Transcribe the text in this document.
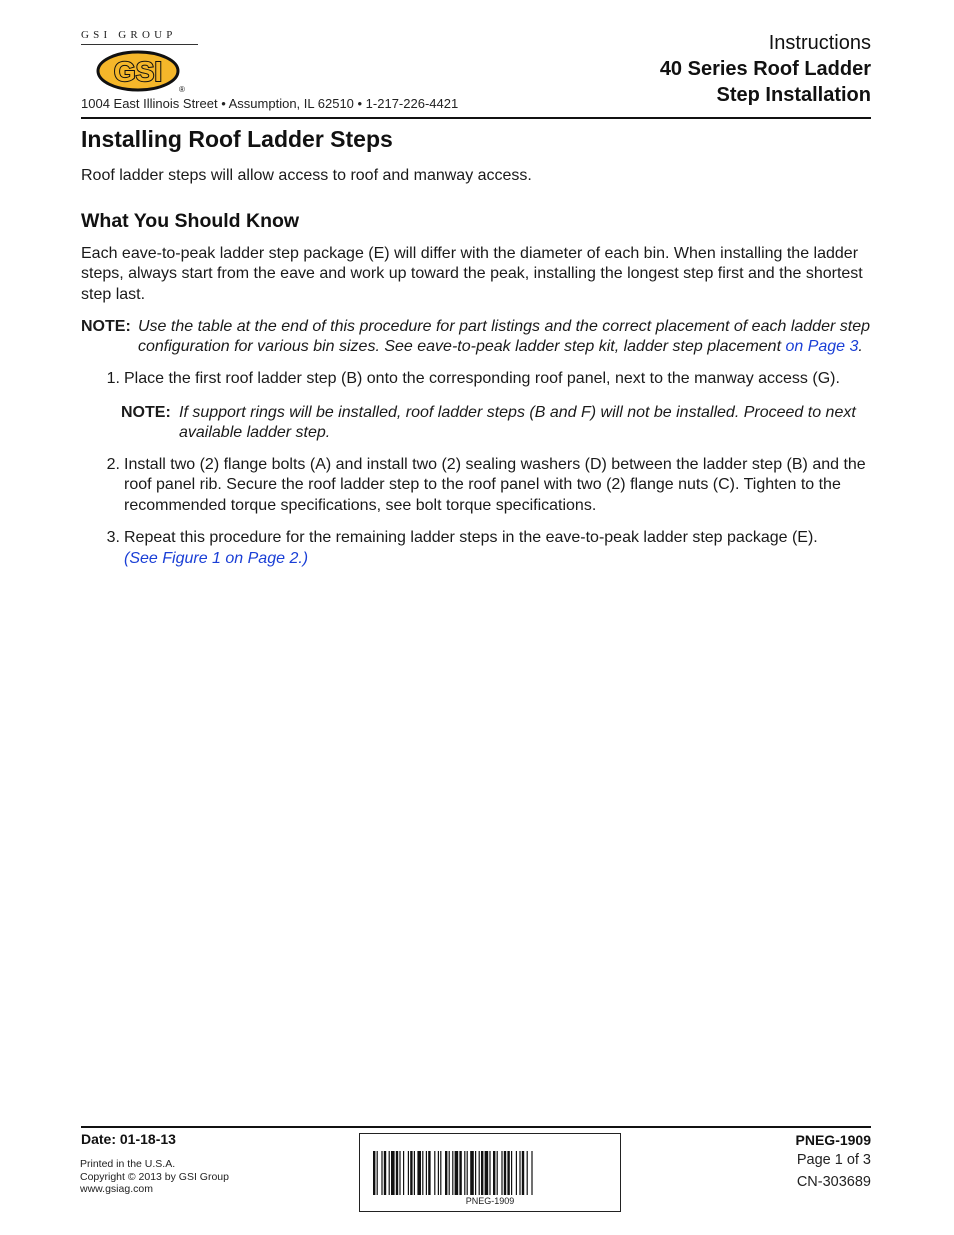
GSI GROUP
GSI
®
1004 East Illinois Street • Assumption, IL 62510 • 1-217-226-4421
Instructions
40 Series Roof Ladder
Step Installation
Installing Roof Ladder Steps

Roof ladder steps will allow access to roof and manway access.

What You Should Know

Each eave-to-peak ladder step package (E) will differ with the diameter of each bin. When installing the ladder steps, always start from the eave and work up toward the peak, installing the longest step first and the shortest step last.

NOTE: Use the table at the end of this procedure for part listings and the correct placement of each ladder step configuration for various bin sizes. See eave-to-peak ladder step kit, ladder step placement on Page 3.
1. Place the first roof ladder step (B) onto the corresponding roof panel, next to the manway access (G).
NOTE: If support rings will be installed, roof ladder steps (B and F) will not be installed. Proceed to next available ladder step.
2. Install two (2) flange bolts (A) and install two (2) sealing washers (D) between the ladder step (B) and the roof panel rib. Secure the roof ladder step to the roof panel with two (2) flange nuts (C). Tighten to the recommended torque specifications, see bolt torque specifications.
3. Repeat this procedure for the remaining ladder steps in the eave-to-peak ladder step package (E).
(See Figure 1 on Page 2.)
Date: 01-18-13
Printed in the U.S.A.
Copyright © 2013 by GSI Group
www.gsiag.com
PNEG-1909
PNEG-1909
Page 1 of 3
CN-303689
